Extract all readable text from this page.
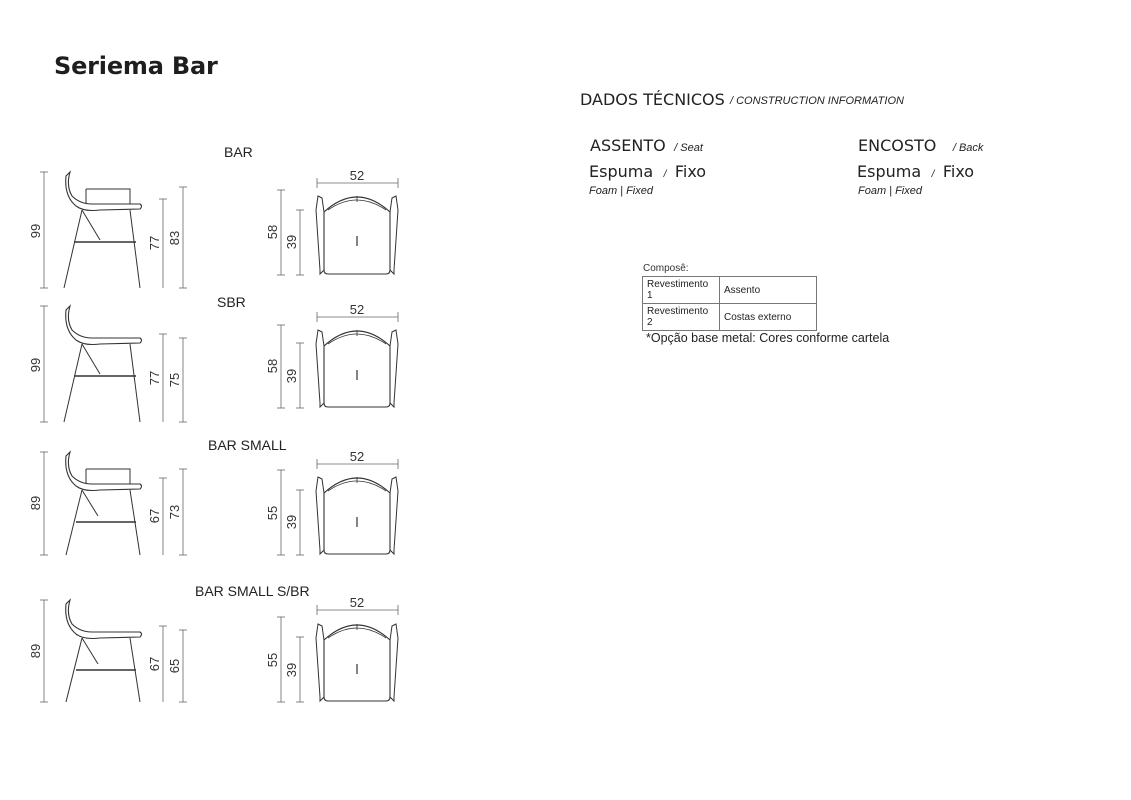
Seriema Bar
BAR
SBR
BAR SMALL
BAR SMALL S/BR
99
77 83
52
58
39
99
77 75
52
58
39
89
67 73
52
55
39
89
67 65
52
55
39
DADOS TÉCNICOS / CONSTRUCTION INFORMATION
ASSENTO / Seat
Espuma / Fixo
Foam | Fixed
ENCOSTO / Back
Espuma / Fixo
Foam | Fixed
Composê:
Revestimento 1	Assento
Revestimento 2	Costas externo
*Opção base metal: Cores conforme cartela
